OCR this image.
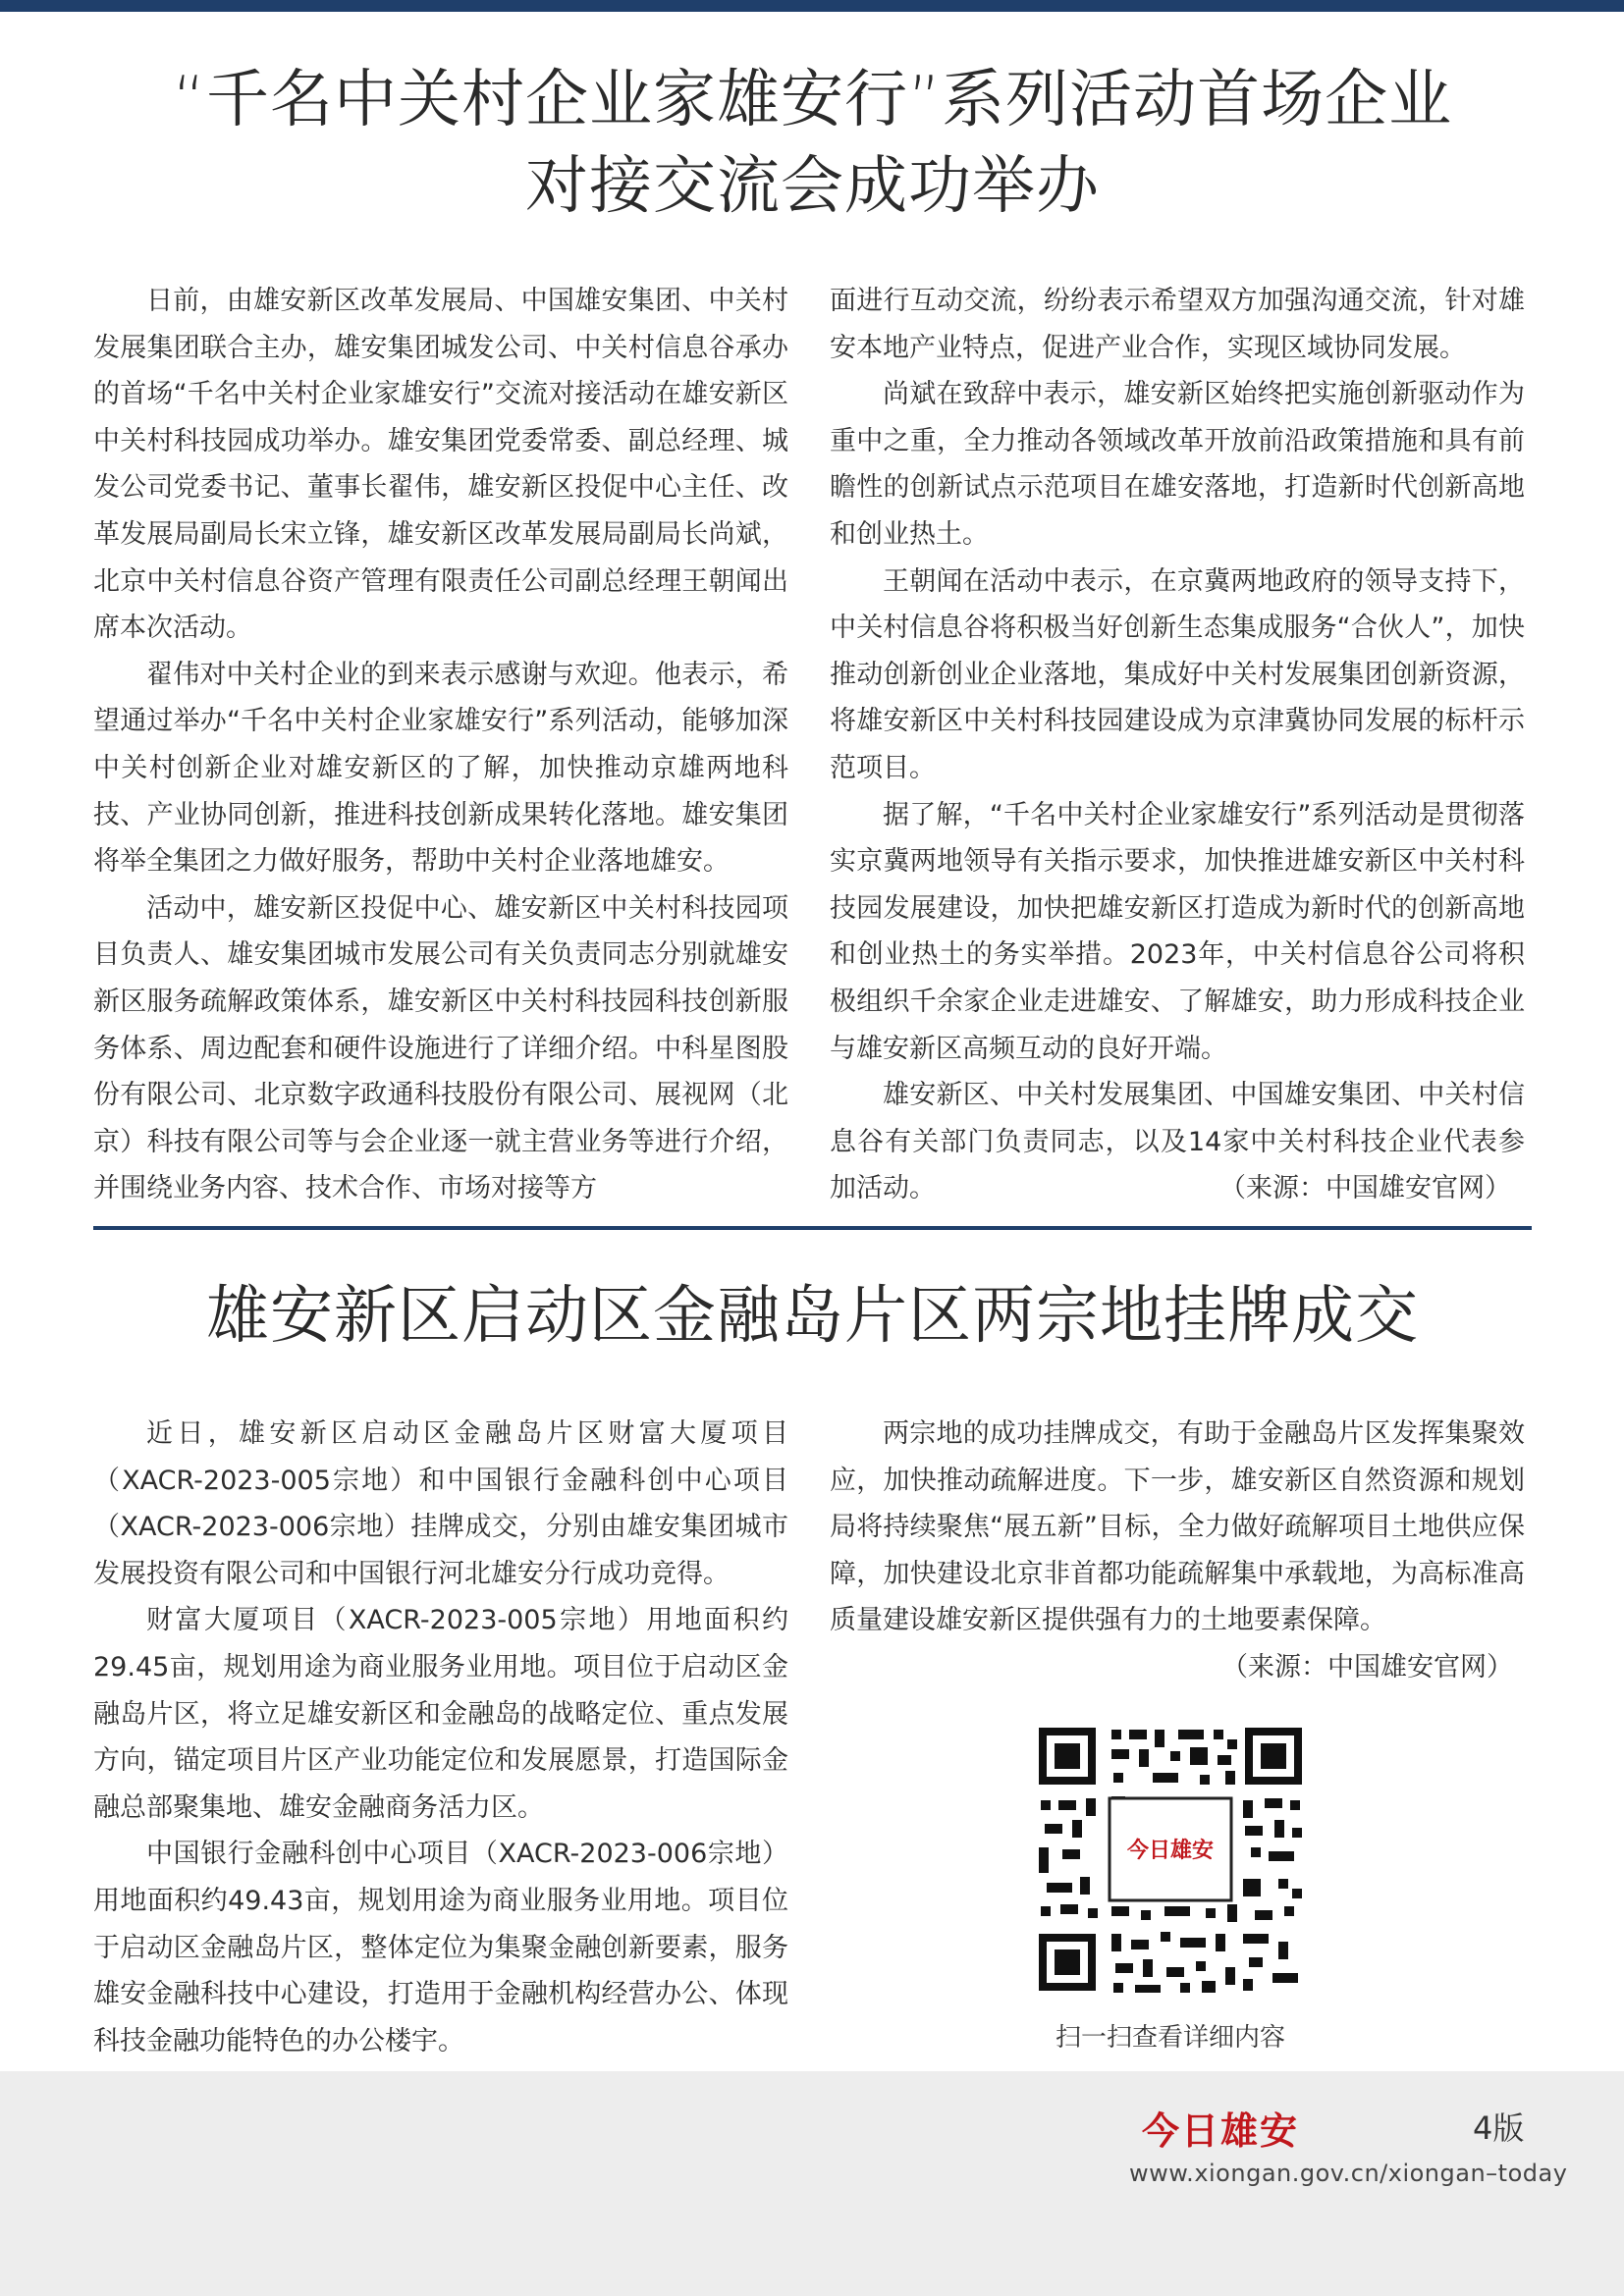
“千名中关村企业家雄安行”系列活动首场企业
对接交流会成功举办

日前，由雄安新区改革发展局、中国雄安集团、中关村发展集团联合主办，雄安集团城发公司、中关村信息谷承办的首场“千名中关村企业家雄安行”交流对接活动在雄安新区中关村科技园成功举办。雄安集团党委常委、副总经理、城发公司党委书记、董事长翟伟，雄安新区投促中心主任、改革发展局副局长宋立锋，雄安新区改革发展局副局长尚斌，北京中关村信息谷资产管理有限责任公司副总经理王朝闻出席本次活动。

翟伟对中关村企业的到来表示感谢与欢迎。他表示，希望通过举办“千名中关村企业家雄安行”系列活动，能够加深中关村创新企业对雄安新区的了解，加快推动京雄两地科技、产业协同创新，推进科技创新成果转化落地。雄安集团将举全集团之力做好服务，帮助中关村企业落地雄安。

活动中，雄安新区投促中心、雄安新区中关村科技园项目负责人、雄安集团城市发展公司有关负责同志分别就雄安新区服务疏解政策体系，雄安新区中关村科技园科技创新服务体系、周边配套和硬件设施进行了详细介绍。中科星图股份有限公司、北京数字政通科技股份有限公司、展视网（北京）科技有限公司等与会企业逐一就主营业务等进行介绍，并围绕业务内容、技术合作、市场对接等方

面进行互动交流，纷纷表示希望双方加强沟通交流，针对雄安本地产业特点，促进产业合作，实现区域协同发展。

尚斌在致辞中表示，雄安新区始终把实施创新驱动作为重中之重，全力推动各领域改革开放前沿政策措施和具有前瞻性的创新试点示范项目在雄安落地，打造新时代创新高地和创业热土。

王朝闻在活动中表示，在京冀两地政府的领导支持下，中关村信息谷将积极当好创新生态集成服务“合伙人”，加快推动创新创业企业落地，集成好中关村发展集团创新资源，将雄安新区中关村科技园建设成为京津冀协同发展的标杆示范项目。

据了解，“千名中关村企业家雄安行”系列活动是贯彻落实京冀两地领导有关指示要求，加快推进雄安新区中关村科技园发展建设，加快把雄安新区打造成为新时代的创新高地和创业热土的务实举措。2023年，中关村信息谷公司将积极组织千余家企业走进雄安、了解雄安，助力形成科技企业与雄安新区高频互动的良好开端。

雄安新区、中关村发展集团、中国雄安集团、中关村信息谷有关部门负责同志，以及14家中关村科技企业代表参加活动。	（来源：中国雄安官网）

雄安新区启动区金融岛片区两宗地挂牌成交

近日，雄安新区启动区金融岛片区财富大厦项目（XACR-2023-005宗地）和中国银行金融科创中心项目（XACR-2023-006宗地）挂牌成交，分别由雄安集团城市发展投资有限公司和中国银行河北雄安分行成功竞得。

财富大厦项目（XACR-2023-005宗地）用地面积约29.45亩，规划用途为商业服务业用地。项目位于启动区金融岛片区，将立足雄安新区和金融岛的战略定位、重点发展方向，锚定项目片区产业功能定位和发展愿景，打造国际金融总部聚集地、雄安金融商务活力区。

中国银行金融科创中心项目（XACR-2023-006宗地）用地面积约49.43亩，规划用途为商业服务业用地。项目位于启动区金融岛片区，整体定位为集聚金融创新要素，服务雄安金融科技中心建设，打造用于金融机构经营办公、体现科技金融功能特色的办公楼宇。

两宗地的成功挂牌成交，有助于金融岛片区发挥集聚效应，加快推动疏解进度。下一步，雄安新区自然资源和规划局将持续聚焦“展五新”目标，全力做好疏解项目土地供应保障，加快建设北京非首都功能疏解集中承载地，为高标准高质量建设雄安新区提供强有力的土地要素保障。

（来源：中国雄安官网）

今日雄安
扫一扫查看详细内容
今日雄安	4版
www.xiongan.gov.cn/xiongan–today
